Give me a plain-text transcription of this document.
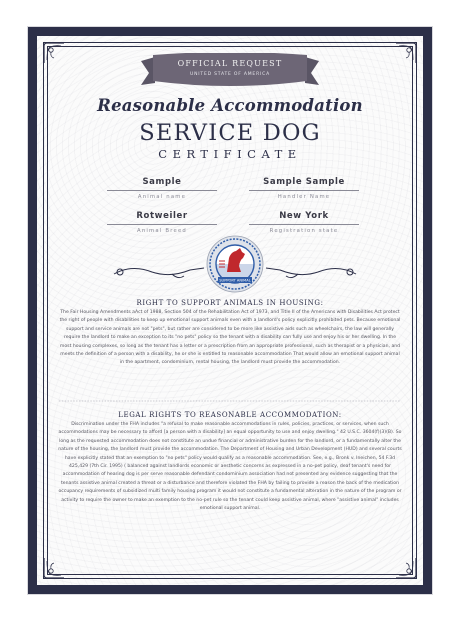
OFFICIAL REQUEST
UNITED STATE OF AMERICA
Reasonable Accommodation
SERVICE DOG
CERTIFICATE
Sample
Animal name
Sample Sample
Handler Name
Rotweiler
Animal Breed
New York
Registration state
SUPPORT ANIMAL
RIGHT TO SUPPORT ANIMALS IN HOUSING:
The Fair Housing Amendments aAct of 1988, Section 504 of the Rehabilitation Act of 1973, and Title II of the Americans with Disabilities Act protect the right of people with disabilities to keep up emotional support animals even with a landlord's policy explicitly prohibited pets. Because emotional support and service animals are not "pets", but rather are considered to be more like assistive aids such as wheelchairs, the law will generally require the landlord to make an exception to its "no pets" policy so the tenant with a disability can fully use and enjoy his or her dwelling. In the most housing complexes, so long as the tenant has a letter or a prescription from an appropriate professional, such as therapist or a physician, and meets the definition of a person with a disability, he or she is entitled to reasonable accommodation That would allow an emotional support animal in the apartment, condominium, rental housing, the landlord must provide the accommodation.
LEGAL RIGHTS TO REASONABLE ACCOMMODATION:
Discrimination under the FHA includes "a refusal to make reasonable accommodations in rules, policies, practices, or services, when such accommodations may be necessary to afford [a person with a disability] an equal opportunity to use and enjoy dwelling." 42 U.S.C. 3604(f)(3)(B). So long as the requested accommodation does not constitute an undue financial or administrative burden for the landlord, or a fundamentally alter the nature of the housing, the landlord must provide the accommodation. The Department of Housing and Urban Development (HUD) and several courts have explicitly stated that an exemption to "no pets" policy would qualify as a reasonable accommodation. See, e.g., Bronk v. Ineichen, 54 F.3d 425,429 (7th Cir. 1995) ( balanced against landlords economic or aesthetic concerns as expressed in a no-pet policy, deaf tenant's need for accommodation of hearing dog is per serve reasonable defendant condominium association had not presented any evidence suggesting that the tenants assistive animal created a threat or a disturbance and therefore violated the FHA by failing to provide a reason the back of the medication occupancy requirements of subsidized multi family housing program it would not constitute a fundamental alteration in the nature of the program or activity to require the owner to make an exemption to the no-pet rule so the tenant could keep assistive animal, where "assistive animal" includes emotional support animal.
